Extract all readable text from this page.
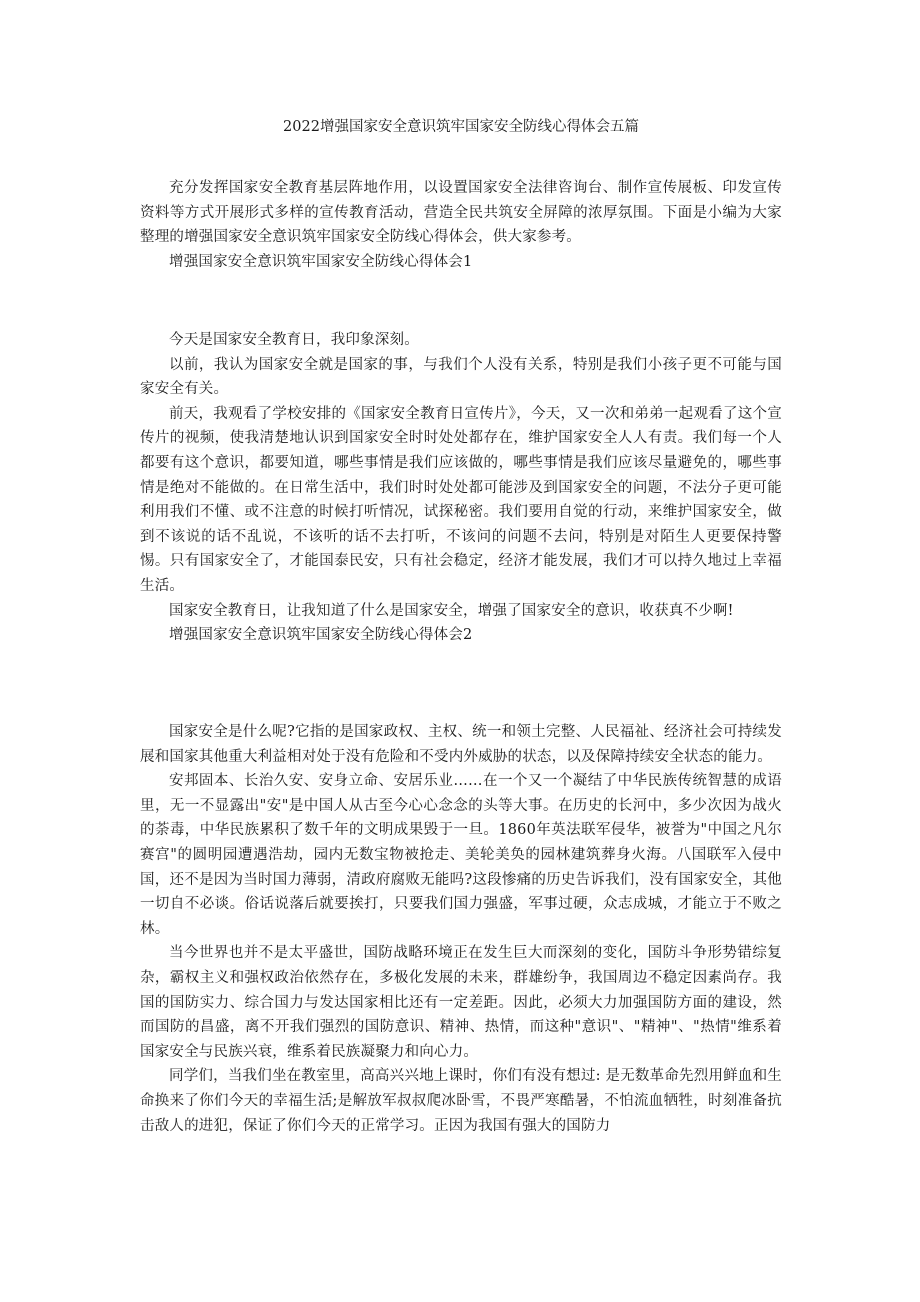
2022增强国家安全意识筑牢国家安全防线心得体会五篇

充分发挥国家安全教育基层阵地作用，以设置国家安全法律咨询台、制作宣传展板、印发宣传资料等方式开展形式多样的宣传教育活动，营造全民共筑安全屏障的浓厚氛围。下面是小编为大家整理的增强国家安全意识筑牢国家安全防线心得体会，供大家参考。

增强国家安全意识筑牢国家安全防线心得体会1

今天是国家安全教育日，我印象深刻。

以前，我认为国家安全就是国家的事，与我们个人没有关系，特别是我们小孩子更不可能与国家安全有关。

前天，我观看了学校安排的《国家安全教育日宣传片》，今天，又一次和弟弟一起观看了这个宣传片的视频，使我清楚地认识到国家安全时时处处都存在，维护国家安全人人有责。我们每一个人都要有这个意识，都要知道，哪些事情是我们应该做的，哪些事情是我们应该尽量避免的，哪些事情是绝对不能做的。在日常生活中，我们时时处处都可能涉及到国家安全的问题，不法分子更可能利用我们不懂、或不注意的时候打听情况，试探秘密。我们要用自觉的行动，来维护国家安全，做到不该说的话不乱说，不该听的话不去打听，不该问的问题不去问，特别是对陌生人更要保持警惕。只有国家安全了，才能国泰民安，只有社会稳定，经济才能发展，我们才可以持久地过上幸福生活。

国家安全教育日，让我知道了什么是国家安全，增强了国家安全的意识，收获真不少啊!

增强国家安全意识筑牢国家安全防线心得体会2

国家安全是什么呢?它指的是国家政权、主权、统一和领土完整、人民福祉、经济社会可持续发展和国家其他重大利益相对处于没有危险和不受内外威胁的状态，以及保障持续安全状态的能力。

安邦固本、长治久安、安身立命、安居乐业……在一个又一个凝结了中华民族传统智慧的成语里，无一不显露出"安"是中国人从古至今心心念念的头等大事。在历史的长河中，多少次因为战火的荼毒，中华民族累积了数千年的文明成果毁于一旦。1860年英法联军侵华，被誉为"中国之凡尔赛宫"的圆明园遭遇浩劫，园内无数宝物被抢走、美轮美奂的园林建筑葬身火海。八国联军入侵中国，还不是因为当时国力薄弱，清政府腐败无能吗?这段惨痛的历史告诉我们，没有国家安全，其他一切自不必谈。俗话说落后就要挨打，只要我们国力强盛，军事过硬，众志成城，才能立于不败之林。

当今世界也并不是太平盛世，国防战略环境正在发生巨大而深刻的变化，国防斗争形势错综复杂，霸权主义和强权政治依然存在，多极化发展的未来，群雄纷争，我国周边不稳定因素尚存。我国的国防实力、综合国力与发达国家相比还有一定差距。因此，必须大力加强国防方面的建设，然而国防的昌盛，离不开我们强烈的国防意识、精神、热情，而这种"意识"、"精神"、"热情"维系着国家安全与民族兴衰，维系着民族凝聚力和向心力。

同学们，当我们坐在教室里，高高兴兴地上课时，你们有没有想过: 是无数革命先烈用鲜血和生命换来了你们今天的幸福生活;是解放军叔叔爬冰卧雪，不畏严寒酷暑，不怕流血牺牲，时刻准备抗击敌人的进犯，保证了你们今天的正常学习。正因为我国有强大的国防力
